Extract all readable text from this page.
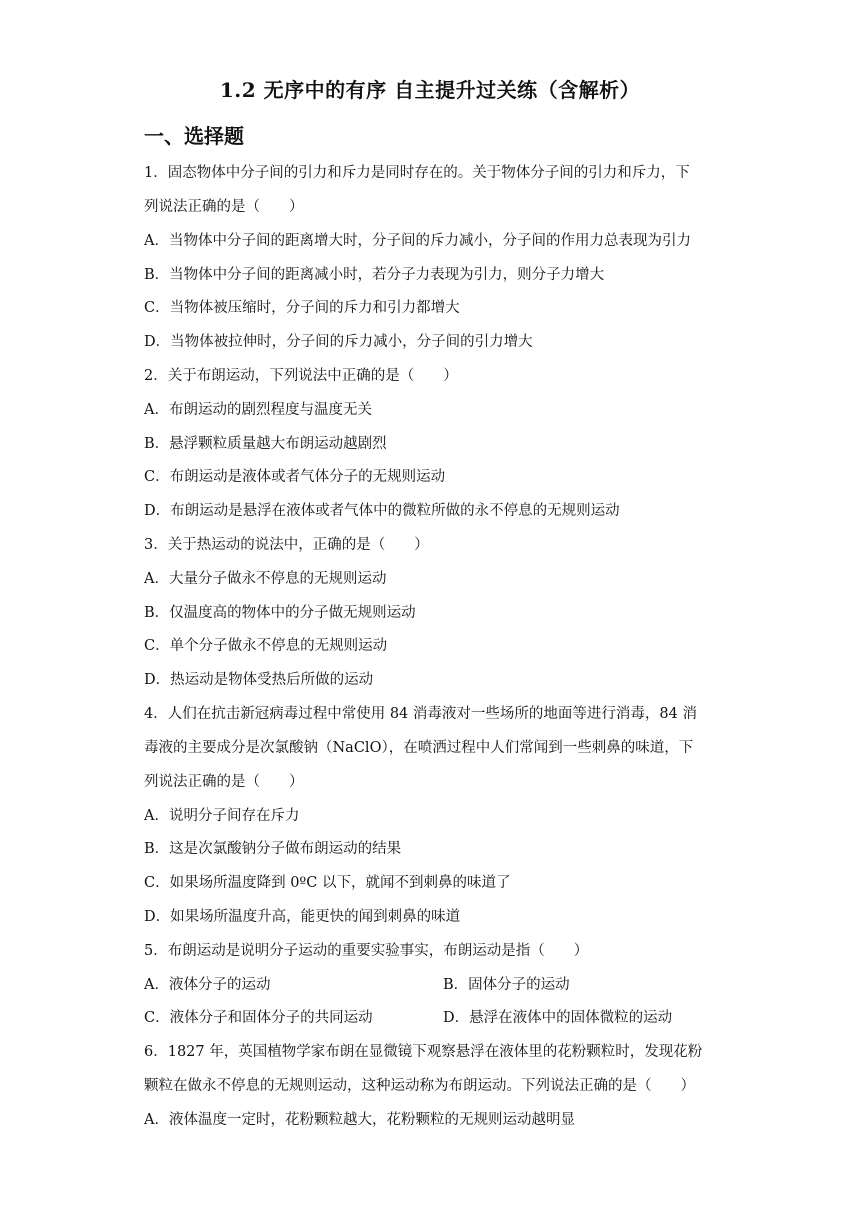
1.2 无序中的有序 自主提升过关练（含解析）
一、选择题
1．固态物体中分子间的引力和斥力是同时存在的。关于物体分子间的引力和斥力，下
列说法正确的是（　　）
A．当物体中分子间的距离增大时，分子间的斥力减小，分子间的作用力总表现为引力
B．当物体中分子间的距离减小时，若分子力表现为引力，则分子力增大
C．当物体被压缩时，分子间的斥力和引力都增大
D．当物体被拉伸时，分子间的斥力减小，分子间的引力增大
2．关于布朗运动，下列说法中正确的是（　　）
A．布朗运动的剧烈程度与温度无关
B．悬浮颗粒质量越大布朗运动越剧烈
C．布朗运动是液体或者气体分子的无规则运动
D．布朗运动是悬浮在液体或者气体中的微粒所做的永不停息的无规则运动
3．关于热运动的说法中，正确的是（　　）
A．大量分子做永不停息的无规则运动
B．仅温度高的物体中的分子做无规则运动
C．单个分子做永不停息的无规则运动
D．热运动是物体受热后所做的运动
4．人们在抗击新冠病毒过程中常使用 84 消毒液对一些场所的地面等进行消毒，84 消
毒液的主要成分是次氯酸钠（NaClO），在喷洒过程中人们常闻到一些刺鼻的味道，下
列说法正确的是（　　）
A．说明分子间存在斥力
B．这是次氯酸钠分子做布朗运动的结果
C．如果场所温度降到 0ºC 以下，就闻不到刺鼻的味道了
D．如果场所温度升高，能更快的闻到刺鼻的味道
5．布朗运动是说明分子运动的重要实验事实，布朗运动是指（　　）
A．液体分子的运动	B．固体分子的运动
C．液体分子和固体分子的共同运动	D．悬浮在液体中的固体微粒的运动
6．1827 年，英国植物学家布朗在显微镜下观察悬浮在液体里的花粉颗粒时，发现花粉
颗粒在做永不停息的无规则运动，这种运动称为布朗运动。下列说法正确的是（　　）
A．液体温度一定时，花粉颗粒越大，花粉颗粒的无规则运动越明显
